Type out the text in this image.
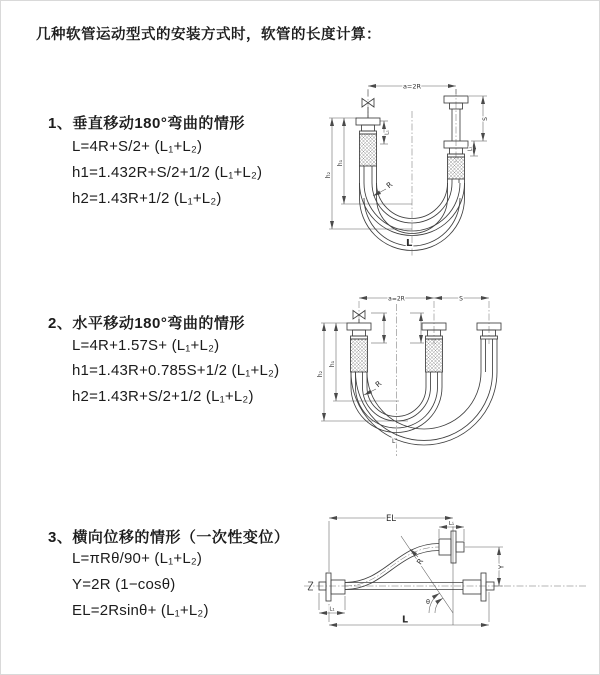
几种软管运动型式的安装方式时，软管的长度计算：
1、垂直移动180°弯曲的情形
L=4R+S/2+ (L₁+L₂)
h1=1.432R+S/2+1/2 (L₁+L₂)
h2=1.43R+1/2 (L₁+L₂)
2、水平移动180°弯曲的情形
L=4R+1.57S+ (L₁+L₂)
h1=1.43R+0.785S+1/2 (L₁+L₂)
h2=1.43R+S/2+1/2 (L₁+L₂)
3、横向位移的情形（一次性变位）
L=πRθ/90+ (L₁+L₂)
Y=2R (1−cosθ)
EL=2Rsinθ+ (L₁+L₂)
a=2R
S
L₁
L₁
h₁
h₂
R
L
a=2R	S
h₁
h₂
R
L
EL	L₁
Y
L
L₁
R
θ
